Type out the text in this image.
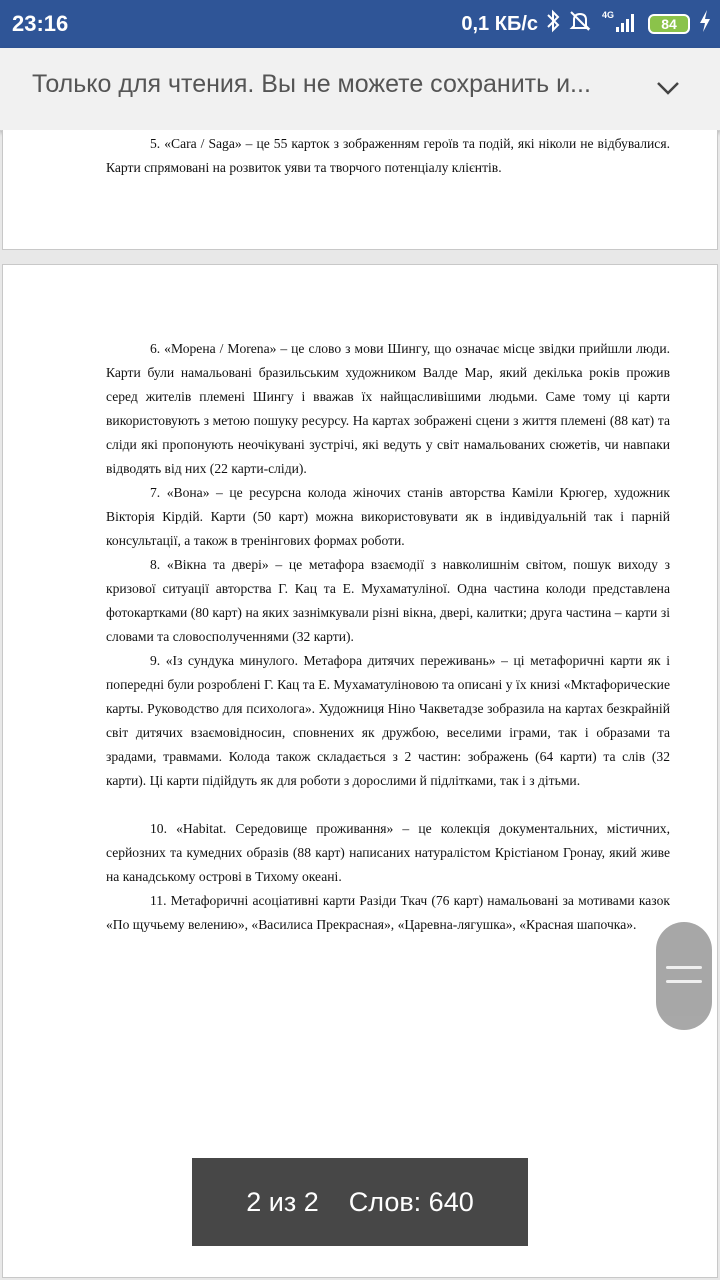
23:16	0,1 КБ/с	4G
84
Только для чтения. Вы не можете сохранить и...

5. «Cara / Saga» – це 55 карток з зображенням героїв та подій, які ніколи не відбувалися. Карти спрямовані на розвиток уяви та творчого потенціалу клієнтів.

6. «Морена / Morena» – це слово з мови Шингу, що означає місце звідки прийшли люди. Карти були намальовані бразильським художником Валде Мар, який декілька років прожив серед жителів племені Шингу і вважав їх найщасливішими людьми. Саме тому ці карти використовують з метою пошуку ресурсу. На картах зображені сцени з життя племені (88 кат) та сліди які пропонують неочікувані зустрічі, які ведуть у світ намальованих сюжетів, чи навпаки відводять від них (22 карти-сліди).

7. «Вона» – це ресурсна колода жіночих станів авторства Каміли Крюгер, художник Вікторія Кірдій. Карти (50 карт) можна використовувати як в індивідуальній так і парній консультації, а також в тренінгових формах роботи.

8. «Вікна та двері» – це метафора взаємодії з навколишнім світом, пошук виходу з кризової ситуації авторства Г. Кац та Е. Мухаматуліної. Одна частина колоди представлена фотокартками (80 карт) на яких зазнімкували різні вікна, двері, калитки; друга частина – карти зі словами та словосполученнями (32 карти).

9. «Із сундука минулого. Метафора дитячих переживань» – ці метафоричні карти як і попередні були розроблені Г. Кац та Е. Мухаматуліновою та описані у їх книзі «Мктафорические карты. Руководство для психолога». Художниця Ніно Чакветадзе зобразила на картах безкрайній світ дитячих взаємовідносин, сповнених як дружбою, веселими іграми, так і образами та зрадами, травмами. Колода також складається з 2 частин: зображень (64 карти) та слів (32 карти). Ці карти підійдуть як для роботи з дорослими й підлітками, так і з дітьми.

10. «Habitat. Середовище проживання» – це колекція документальних, містичних, серйозних та кумедних образів (88 карт) написаних натуралістом Крістіаном Гронау, який живе на канадському острові в Тихому океані.

11. Метафоричні асоціативні карти Разіди Ткач (76 карт) намальовані за мотивами казок «По щучьему велению», «Василиса Прекрасная», «Царевна-лягушка», «Красная шапочка».

2 из 2 Слов: 640
